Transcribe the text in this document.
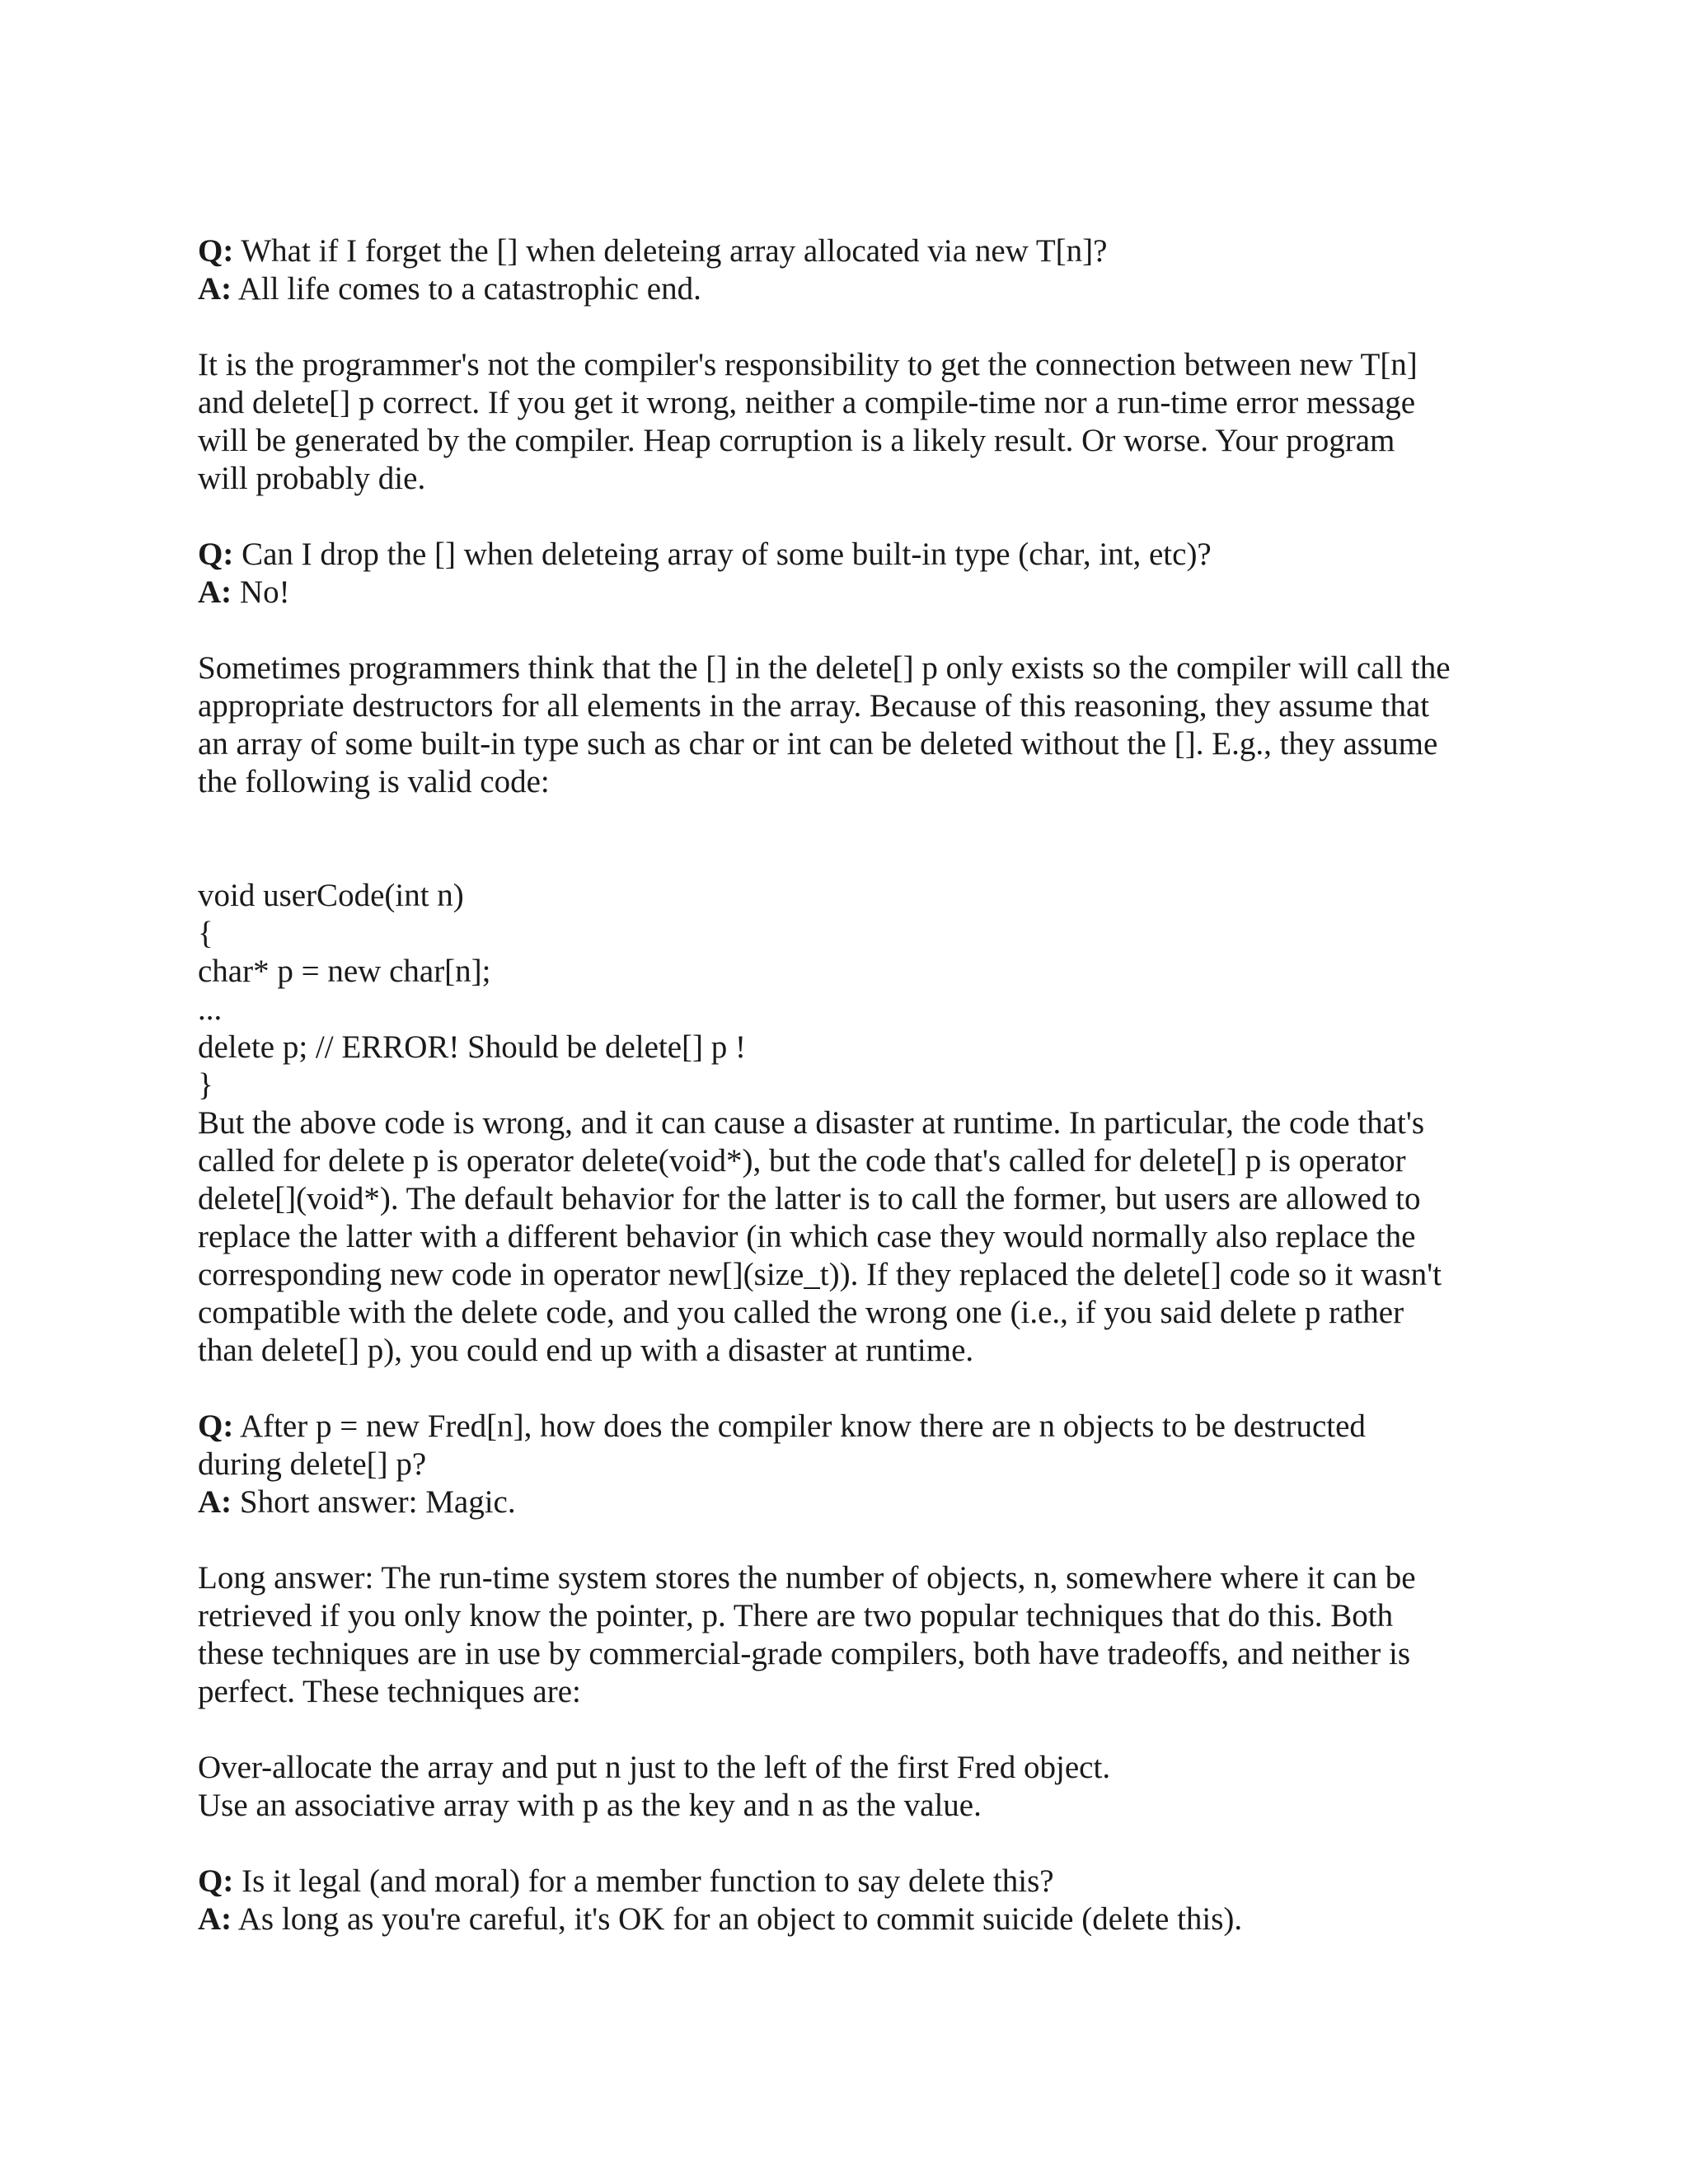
Q: What if I forget the [] when deleteing array allocated via new T[n]?

A: All life comes to a catastrophic end.

It is the programmer's not the compiler's responsibility to get the connection between new T[n]

and delete[] p correct. If you get it wrong, neither a compile-time nor a run-time error message

will be generated by the compiler. Heap corruption is a likely result. Or worse. Your program

will probably die.

Q: Can I drop the [] when deleteing array of some built-in type (char, int, etc)?

A: No!

Sometimes programmers think that the [] in the delete[] p only exists so the compiler will call the

appropriate destructors for all elements in the array. Because of this reasoning, they assume that

an array of some built-in type such as char or int can be deleted without the []. E.g., they assume

the following is valid code:

void userCode(int n)

{

char* p = new char[n];

...

delete p; // ERROR! Should be delete[] p !

}

But the above code is wrong, and it can cause a disaster at runtime. In particular, the code that's

called for delete p is operator delete(void*), but the code that's called for delete[] p is operator

delete[](void*). The default behavior for the latter is to call the former, but users are allowed to

replace the latter with a different behavior (in which case they would normally also replace the

corresponding new code in operator new[](size_t)). If they replaced the delete[] code so it wasn't

compatible with the delete code, and you called the wrong one (i.e., if you said delete p rather

than delete[] p), you could end up with a disaster at runtime.

Q: After p = new Fred[n], how does the compiler know there are n objects to be destructed

during delete[] p?

A: Short answer: Magic.

Long answer: The run-time system stores the number of objects, n, somewhere where it can be

retrieved if you only know the pointer, p. There are two popular techniques that do this. Both

these techniques are in use by commercial-grade compilers, both have tradeoffs, and neither is

perfect. These techniques are:

Over-allocate the array and put n just to the left of the first Fred object.

Use an associative array with p as the key and n as the value.

Q: Is it legal (and moral) for a member function to say delete this?

A: As long as you're careful, it's OK for an object to commit suicide (delete this).
